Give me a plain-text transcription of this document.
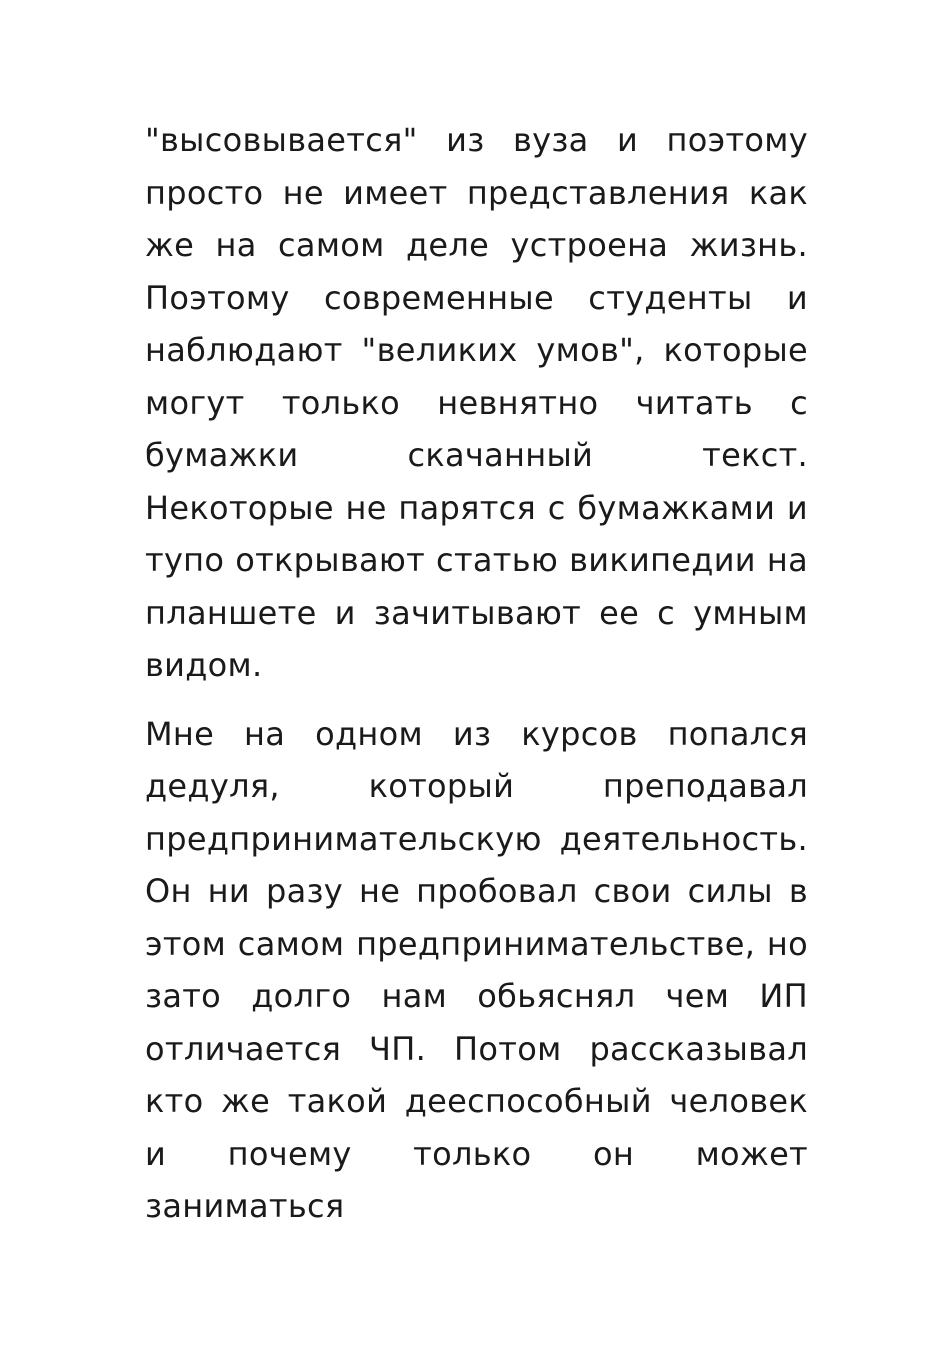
"высовывается" из вуза и поэтому просто не имеет представления как же на самом деле устроена жизнь. Поэтому современные студенты и наблюдают "великих умов", которые могут только невнятно читать с бумажки скачанный текст. Некоторые не парятся с бумажками и тупо открывают статью википедии на планшете и зачитывают ее с умным видом.

Мне на одном из курсов попался дедуля, который преподавал предпринимательскую деятельность. Он ни разу не пробовал свои силы в этом самом предпринимательстве, но зато долго нам обьяснял чем ИП отличается ЧП. Потом рассказывал кто же такой дееспособный человек и почему только он может заниматься
